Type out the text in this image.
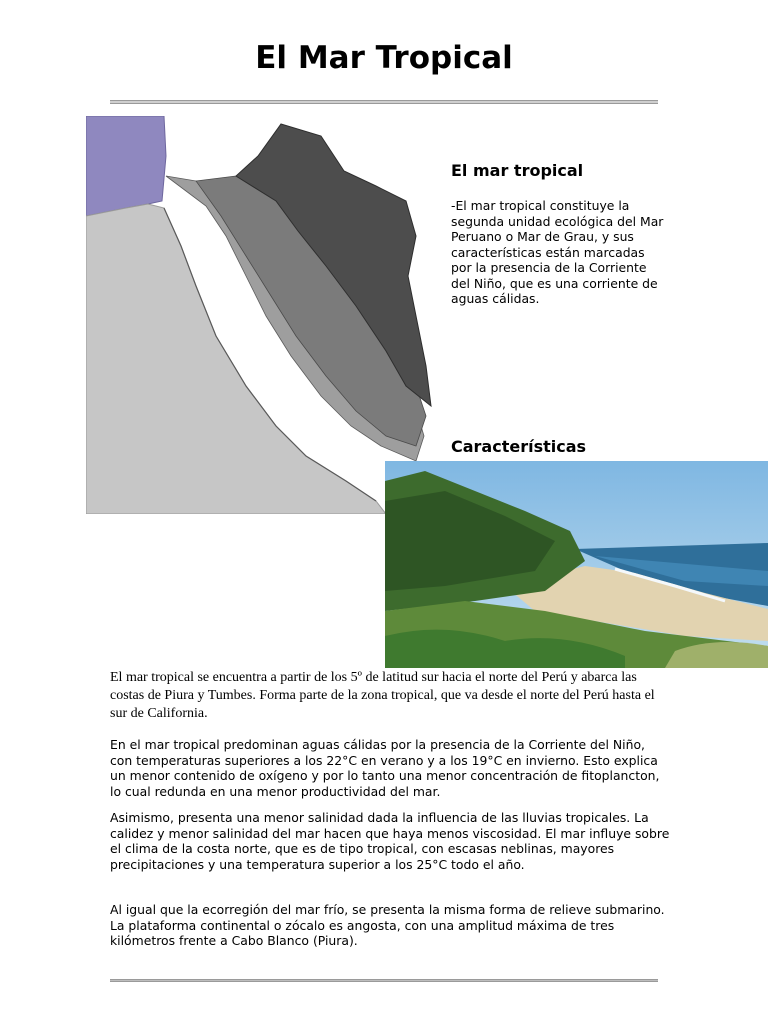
El Mar Tropical
El mar tropical

-El mar tropical constituye la segunda unidad ecológica del Mar Peruano o Mar de Grau, y sus características están marcadas por la presencia de la Corriente del Niño, que es una corriente de aguas cálidas.

Características

El mar tropical se encuentra a partir de los 5º de latitud sur hacia el norte del Perú y abarca las costas de Piura y Tumbes. Forma parte de la zona tropical, que va desde el norte del Perú hasta el sur de California.

En el mar tropical predominan aguas cálidas por la presencia de la Corriente del Niño, con temperaturas superiores a los 22°C en verano y a los 19°C en invierno. Esto explica un menor contenido de oxígeno y por lo tanto una menor concentración de fitoplancton, lo cual redunda en una menor productividad del mar.

Asimismo, presenta una menor salinidad dada la influencia de las lluvias tropicales. La calidez y menor salinidad del mar hacen que haya menos viscosidad. El mar influye sobre el clima de la costa norte, que es de tipo tropical, con escasas neblinas, mayores precipitaciones y una temperatura superior a los 25°C todo el año.

Al igual que la ecorregión del mar frío, se presenta la misma forma de relieve submarino. La plataforma continental o zócalo es angosta, con una amplitud máxima de tres kilómetros frente a Cabo Blanco (Piura).
